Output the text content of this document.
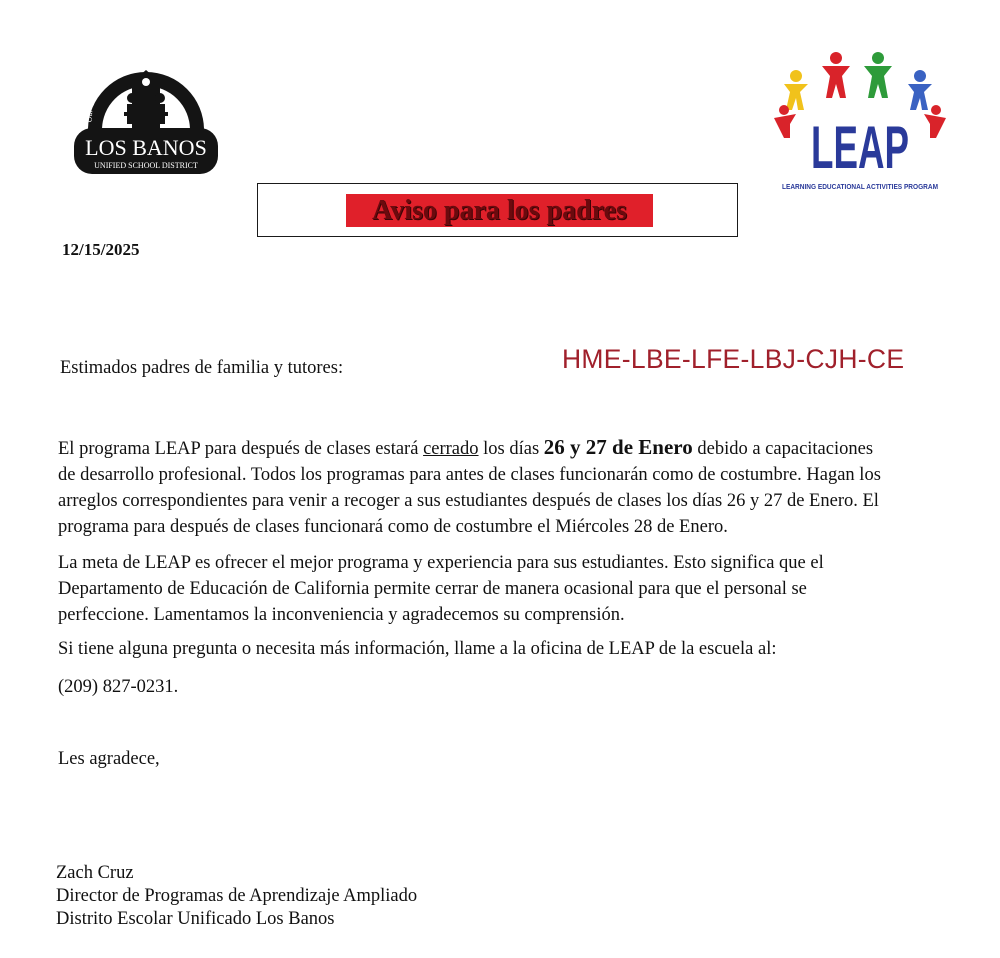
Our Children
Our Future
LOS BANOS
UNIFIED SCHOOL DISTRICT	LEAP
LEARNING EDUCATIONAL ACTIVITIES PROGRAM
Aviso para los padres
12/15/2025
Estimados padres de familia y tutores:	HME-LBE-LFE-LBJ-CJH-CE
El programa LEAP para después de clases estará cerrado los días 26 y 27 de Enero debido a capacitaciones
de desarrollo profesional. Todos los programas para antes de clases funcionarán como de costumbre. Hagan los
arreglos correspondientes para venir a recoger a sus estudiantes después de clases los días 26 y 27 de Enero. El
programa para después de clases funcionará como de costumbre el Miércoles 28 de Enero.
La meta de LEAP es ofrecer el mejor programa y experiencia para sus estudiantes. Esto significa que el
Departamento de Educación de California permite cerrar de manera ocasional para que el personal se
perfeccione. Lamentamos la inconveniencia y agradecemos su comprensión.
Si tiene alguna pregunta o necesita más información, llame a la oficina de LEAP de la escuela al:
(209) 827-0231.
Les agradece,
Zach Cruz
Director de Programas de Aprendizaje Ampliado
Distrito Escolar Unificado Los Banos
